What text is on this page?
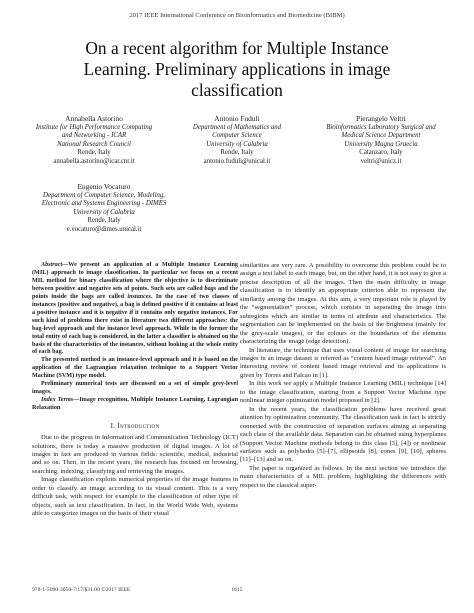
2017 IEEE International Conference on Bioinformatics and Biomedicine (BIBM)
On a recent algorithm for Multiple Instance
Learning. Preliminary applications in image
classification
Annabella Astorino
Institute for High Performance Computing
and Networking - ICAR
National Research Council
Rende, Italy
annabella.astorino@icar.cnr.it
Antonio Fuduli
Department of Mathematics and
Computer Science
University of Calabria
Rende, Italy
antonio.fuduli@unical.it
Pierangelo Veltri
Bioinformatics Laboratory Surgical and
Medical Science Department
University Magna Graecia
Catanzaro, Italy
veltri@unicz.it
Eugenio Vocaturo
Department of Computer Science, Modeling,
Electronic and Systems Engineering - DIMES
University of Calabria
Rende, Italy
e.vocaturo@dimes.unical.it

Abstract—We present an application of a Multiple Instance Learning (MIL) approach to image classification. In particular we focus on a recent MIL method for binary classification where the objective is to discriminate between positive and negative sets of points. Such sets are called bags and the points inside the bags are called instances. In the case of two classes of instances (positive and negative), a bag is defined positive if it contains at least a positive instance and it is negative if it contains only negative instances. For such kind of problems there exist in literature two different approaches: the bag-level approach and the instance level approach. While in the former the total entity of each bag is considered, in the latter a classifier is obtained on the basis of the characteristics of the instances, without looking at the whole entity of each bag.

The presented method is an instance-level approach and it is based on the application of the Lagrangian relaxation technique to a Support Vector Machine (SVM) type model.

Preliminary numerical tests are discussed on a set of simple grey-level images.

Index Terms—Image recognition, Multiple Instance Learning, Lagrangian Relaxation

I. Introduction

Due to the progress in Information and Communication Technology (ICT) solutions, there is today a massive production of digital images. A lot of images in fact are produced in various fields: scientific, medical, industrial and so on. Then, in the recent years, the research has focused on browsing, searching, indexing, classifying and retrieving the images.

Image classification exploits numerical properties of the image features in order to classify an image according to its visual content. This is a very difficult task, with respect for example to the classification of other type of objects, such as text classification. In fact, in the World Wide Web, systems able to categorize images on the basis of their visual

similarities are very rare. A possibility to overcome this problem could be to assign a text label to each image, but, on the other hand, it is not easy to give a precise description of all the images. Then the main difficulty in image classification is to identify an appropriate criterion able to represent the similarity among the images. At this aim, a very important role is played by the “segmentation” process, which consists in separating the image into subregions which are similar in terms of attribute and characteristics. The segmentation can be implemented on the basis of the brightness (mainly for the grey-scale images), or the colours or the boundaries of the elements characterizing the image (edge detection).

In literature, the technique that uses visual content of image for searching images in an image dataset is referred as “content based image retrieval”. An interesting review of content based image retrieval and its applications is given by Torres and Falcao in [1].

In this work we apply a Multiple Instance Learning (MIL) technique [14] to the image classification, starting from a Support Vector Machine type nonlinear integer optimization model proposed in [2].

In the recent years, the classification problems have received great attention by optimization community. The classification task in fact is strictly connected with the construction of separation surfaces aiming at separating each class of the available data. Separation can be obtained using hyperplanes (Support Vector Machine methods belong to this class [3], [4]) or nonlinear surfaces such as polyhedra [5]–[7], ellipsoids [8], cones [9], [10], spheres [11]–[13] and so on.

The paper is organized as follows. In the next section we introduce the main characteristics of a MIL problem, highlighting the differences with respect to the classical super-

978-1-5090-3050-7/17/$31.00 ©2017 IEEE	1615
